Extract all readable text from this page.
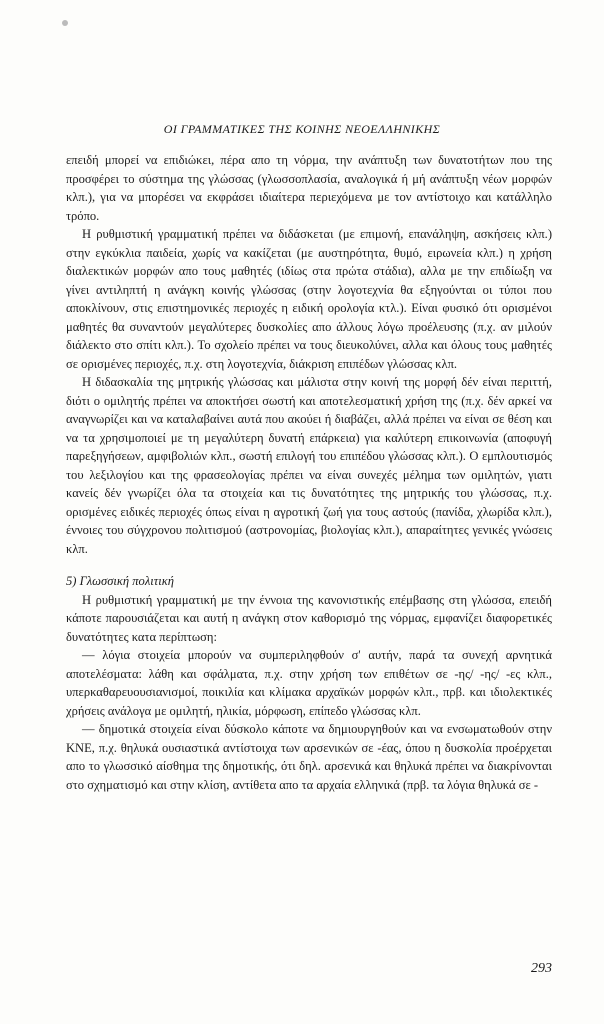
ΟΙ ΓΡΑΜΜΑΤΙΚΕΣ ΤΗΣ ΚΟΙΝΗΣ ΝΕΟΕΛΛΗΝΙΚΗΣ

επειδή μπορεί να επιδιώκει, πέρα απο τη νόρμα, την ανάπτυξη των δυνατοτήτων που της προσφέρει το σύστημα της γλώσσας (γλωσσοπλασία, αναλογικά ή μή ανάπτυξη νέων μορφών κλπ.), για να μπορέσει να εκφράσει ιδιαίτερα περιεχόμενα με τον αντίστοιχο και κατάλληλο τρόπο.

Η ρυθμιστική γραμματική πρέπει να διδάσκεται (με επιμονή, επανάληψη, ασκήσεις κλπ.) στην εγκύκλια παιδεία, χωρίς να κακίζεται (με αυστηρότητα, θυμό, ειρωνεία κλπ.) η χρήση διαλεκτικών μορφών απο τους μαθητές (ιδίως στα πρώτα στάδια), αλλα με την επιδίωξη να γίνει αντιληπτή η ανάγκη κοινής γλώσσας (στην λογοτεχνία θα εξηγούνται οι τύποι που αποκλίνουν, στις επιστημονικές περιοχές η ειδική ορολογία κτλ.). Είναι φυσικό ότι ορισμένοι μαθητές θα συναντούν μεγαλύτερες δυσκολίες απο άλλους λόγω προέλευσης (π.χ. αν μιλούν διάλεκτο στο σπίτι κλπ.). Το σχολείο πρέπει να τους διευκολύνει, αλλα και όλους τους μαθητές σε ορισμένες περιοχές, π.χ. στη λογοτεχνία, διάκριση επιπέδων γλώσσας κλπ.

Η διδασκαλία της μητρικής γλώσσας και μάλιστα στην κοινή της μορφή δέν είναι περιττή, διότι ο ομιλητής πρέπει να αποκτήσει σωστή και αποτελεσματική χρήση της (π.χ. δέν αρκεί να αναγνωρίζει και να καταλαβαίνει αυτά που ακούει ή διαβάζει, αλλά πρέπει να είναι σε θέση και να τα χρησιμοποιεί με τη μεγαλύτερη δυνατή επάρκεια) για καλύτερη επικοινωνία (αποφυγή παρεξηγήσεων, αμφιβολιών κλπ., σωστή επιλογή του επιπέδου γλώσσας κλπ.). Ο εμπλουτισμός του λεξιλογίου και της φρασεολογίας πρέπει να είναι συνεχές μέλημα των ομιλητών, γιατι κανείς δέν γνωρίζει όλα τα στοιχεία και τις δυνατότητες της μητρικής του γλώσσας, π.χ. ορισμένες ειδικές περιοχές όπως είναι η αγροτική ζωή για τους αστούς (πανίδα, χλωρίδα κλπ.), έννοιες του σύγχρονου πολιτισμού (αστρονομίας, βιολογίας κλπ.), απαραίτητες γενικές γνώσεις κλπ.

5) Γλωσσική πολιτική

Η ρυθμιστική γραμματική με την έννοια της κανονιστικής επέμβασης στη γλώσσα, επειδή κάποτε παρουσιάζεται και αυτή η ανάγκη στον καθορισμό της νόρμας, εμφανίζει διαφορετικές δυνατότητες κατα περίπτωση:

— λόγια στοιχεία μπορούν να συμπεριληφθούν σ' αυτήν, παρά τα συνεχή αρνητικά αποτελέσματα: λάθη και σφάλματα, π.χ. στην χρήση των επιθέτων σε -ης/ -ης/ -ες κλπ., υπερκαθαρευουσιανισμοί, ποικιλία και κλίμακα αρχαϊκών μορφών κλπ., πρβ. και ιδιολεκτικές χρήσεις ανάλογα με ομιλητή, ηλικία, μόρφωση, επίπεδο γλώσσας κλπ.

— δημοτικά στοιχεία είναι δύσκολο κάποτε να δημιουργηθούν και να ενσωματωθούν στην ΚΝΕ, π.χ. θηλυκά ουσιαστικά αντίστοιχα των αρσενικών σε -έας, όπου η δυσκολία προέρχεται απο το γλωσσικό αίσθημα της δημοτικής, ότι δηλ. αρσενικά και θηλυκά πρέπει να διακρίνονται στο σχηματισμό και στην κλίση, αντίθετα απο τα αρχαία ελληνικά (πρβ. τα λόγια θηλυκά σε -

293
